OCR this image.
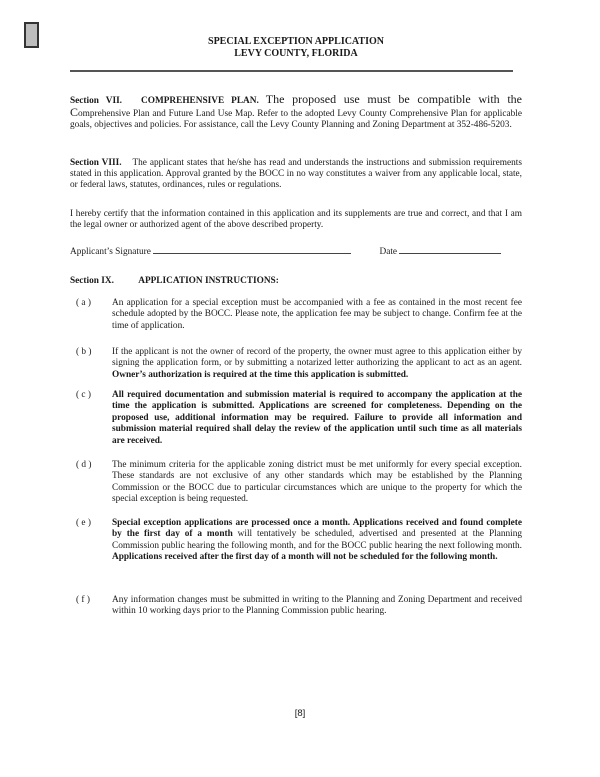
SPECIAL EXCEPTION APPLICATION
LEVY COUNTY, FLORIDA
Section VII. COMPREHENSIVE PLAN. The proposed use must be compatible with the Comprehensive Plan and Future Land Use Map. Refer to the adopted Levy County Comprehensive Plan for applicable goals, objectives and policies. For assistance, call the Levy County Planning and Zoning Department at 352-486-5203.
Section VIII. The applicant states that he/she has read and understands the instructions and submission requirements stated in this application. Approval granted by the BOCC in no way constitutes a waiver from any applicable local, state, or federal laws, statutes, ordinances, rules or regulations.
I hereby certify that the information contained in this application and its supplements are true and correct, and that I am the legal owner or authorized agent of the above described property.
Applicant’s Signature	Date
Section IX.	APPLICATION INSTRUCTIONS:
( a )	An application for a special exception must be accompanied with a fee as contained in the most recent fee schedule adopted by the BOCC. Please note, the application fee may be subject to change. Confirm fee at the time of application.
( b )	If the applicant is not the owner of record of the property, the owner must agree to this application either by signing the application form, or by submitting a notarized letter authorizing the applicant to act as an agent. Owner’s authorization is required at the time this application is submitted.
( c )	All required documentation and submission material is required to accompany the application at the time the application is submitted. Applications are screened for completeness. Depending on the proposed use, additional information may be required. Failure to provide all information and submission material required shall delay the review of the application until such time as all materials are received.
( d )	The minimum criteria for the applicable zoning district must be met uniformly for every special exception. These standards are not exclusive of any other standards which may be established by the Planning Commission or the BOCC due to particular circumstances which are unique to the property for which the special exception is being requested.
( e )	Special exception applications are processed once a month. Applications received and found complete by the first day of a month will tentatively be scheduled, advertised and presented at the Planning Commission public hearing the following month, and for the BOCC public hearing the next following month. Applications received after the first day of a month will not be scheduled for the following month.
( f )	Any information changes must be submitted in writing to the Planning and Zoning Department and received within 10 working days prior to the Planning Commission public hearing.
[8]
